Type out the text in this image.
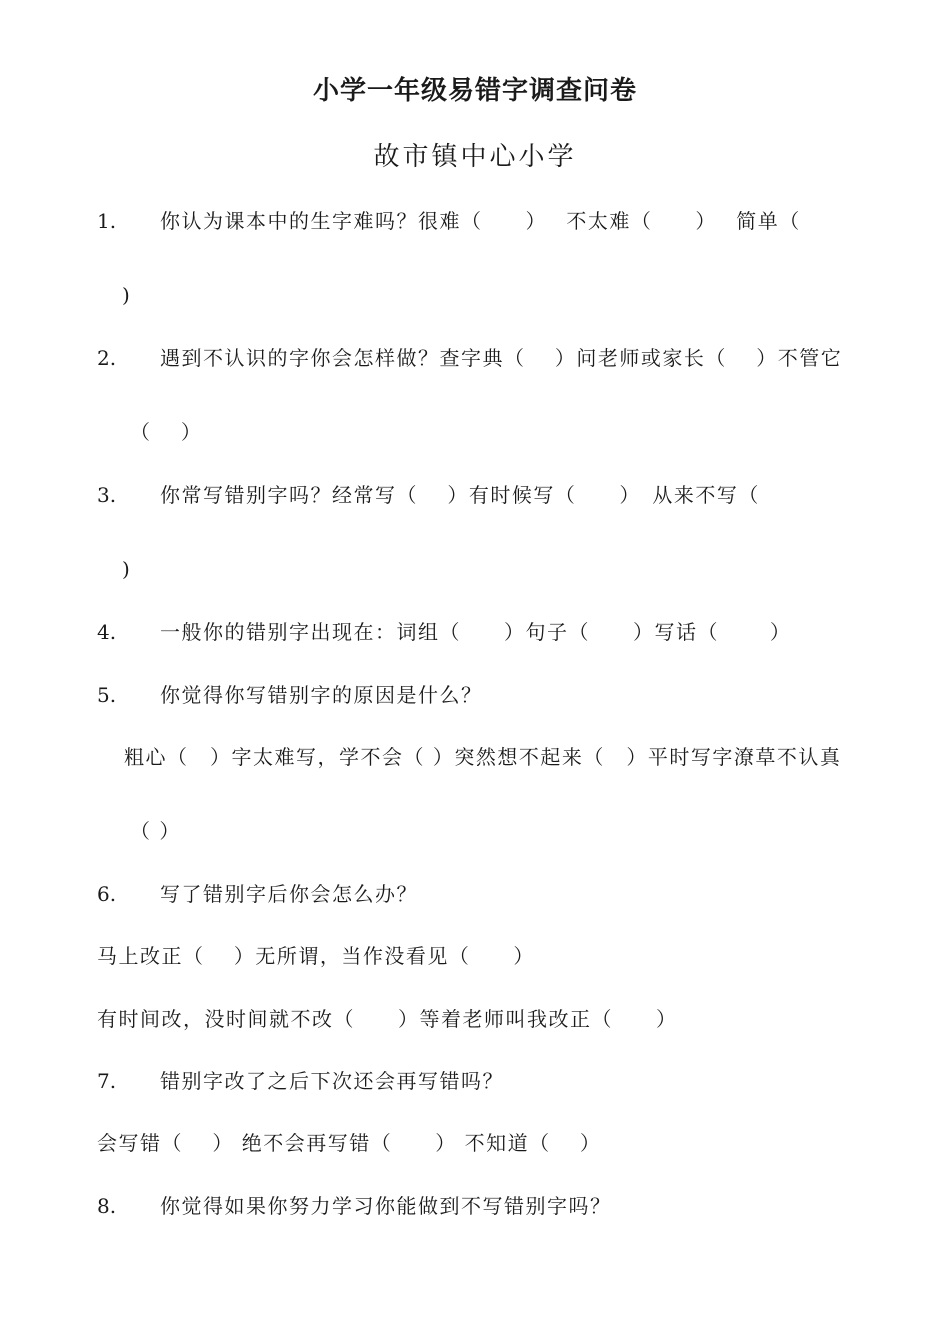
小学一年级易错字调查问卷
故市镇中心小学
1. 你认为课本中的生字难吗？很难（　　）　 不太难（　　）　 简单（
)
2. 遇到不认识的字你会怎样做？查字典（　 ）问老师或家长（　 ）不管它
（　 ）
3. 你常写错别字吗？经常写（　 ）有时候写（　　）　从来不写（
)
4. 一般你的错别字出现在：词组（　　）句子（　　）写话（　　 ）
5. 你觉得你写错别字的原因是什么？
粗心（　）字太难写，学不会（ ）突然想不起来（　）平时写字潦草不认真
（ ）
6. 写了错别字后你会怎么办？
马上改正（　 ）无所谓，当作没看见（　　）
有时间改，没时间就不改（　　）等着老师叫我改正（　　）
7. 错别字改了之后下次还会再写错吗？
会写错（　 ） 绝不会再写错（　　） 不知道（　 ）
8. 你觉得如果你努力学习你能做到不写错别字吗？
